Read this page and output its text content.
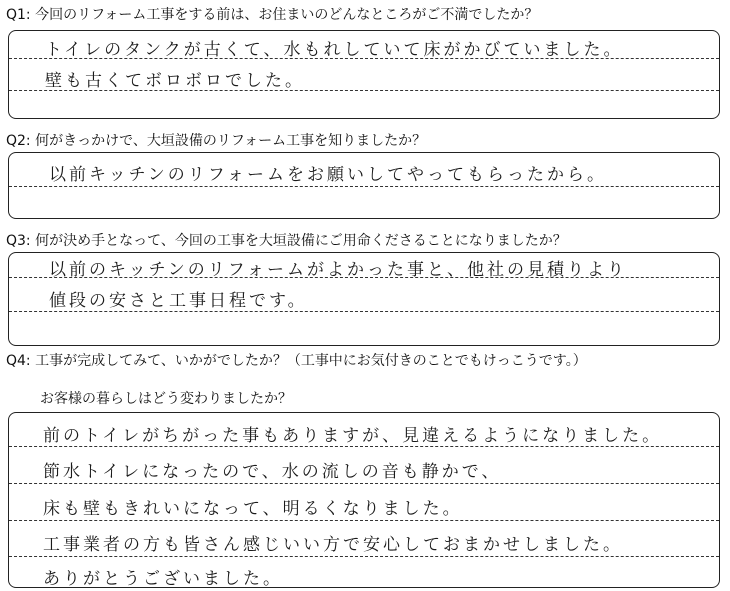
Q1: 今回のリフォーム工事をする前は、お住まいのどんなところがご不満でしたか？
トイレのタンクが古くて、水もれしていて床がかびていました。
壁も古くてボロボロでした。
Q2: 何がきっかけで、大垣設備のリフォーム工事を知りましたか？
以前キッチンのリフォームをお願いしてやってもらったから。
Q3: 何が決め手となって、今回の工事を大垣設備にご用命くださることになりましたか？
以前のキッチンのリフォームがよかった事と、他社の見積りより
値段の安さと工事日程です。
Q4: 工事が完成してみて、いかがでしたか？（工事中にお気付きのことでもけっこうです。）
お客様の暮らしはどう変わりましたか？
前のトイレがちがった事もありますが、見違えるようになりました。
節水トイレになったので、水の流しの音も静かで、
床も壁もきれいになって、明るくなりました。
工事業者の方も皆さん感じいい方で安心しておまかせしました。
ありがとうございました。
